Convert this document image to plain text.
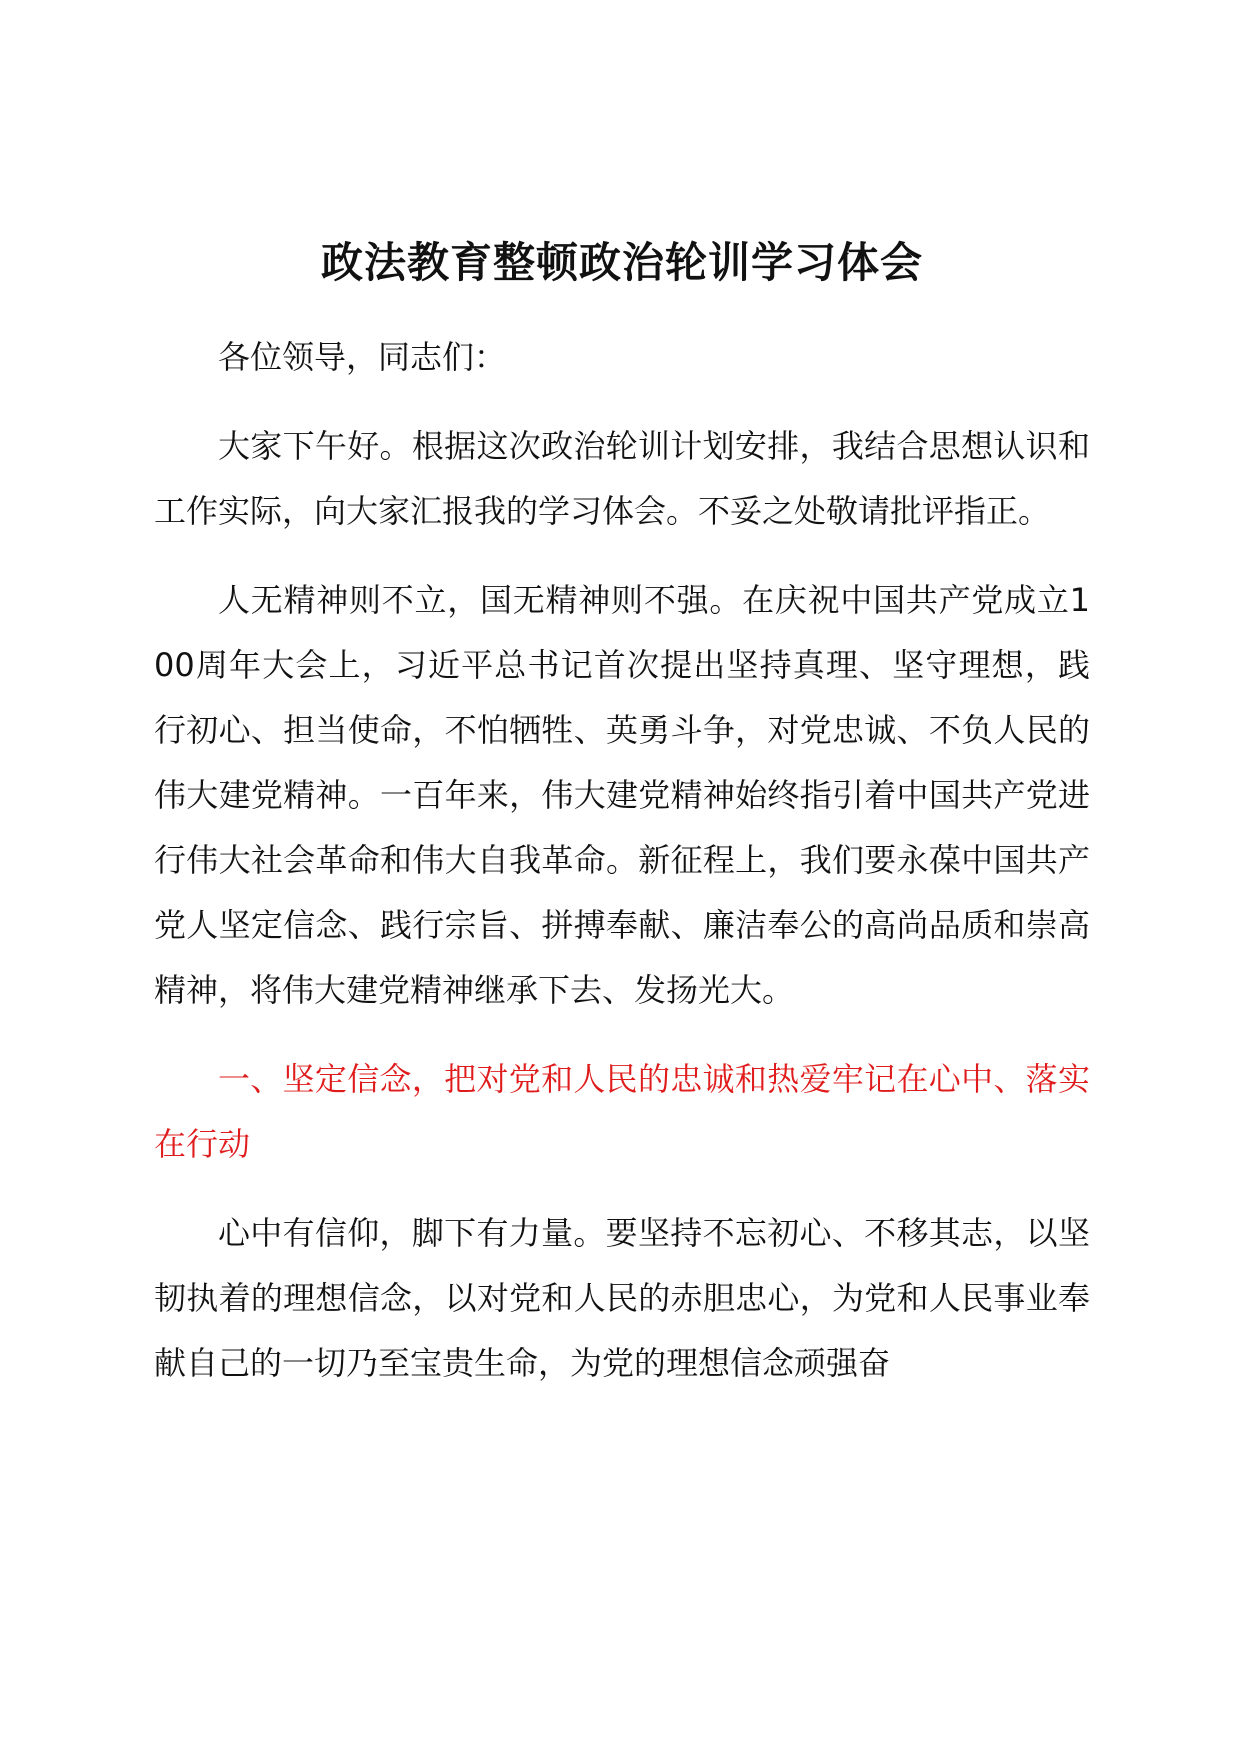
政法教育整顿政治轮训学习体会

各位领导，同志们：

大家下午好。根据这次政治轮训计划安排，我结合思想认识和工作实际，向大家汇报我的学习体会。不妥之处敬请批评指正。

人无精神则不立，国无精神则不强。在庆祝中国共产党成立100周年大会上，习近平总书记首次提出坚持真理、坚守理想，践行初心、担当使命，不怕牺牲、英勇斗争，对党忠诚、不负人民的伟大建党精神。一百年来，伟大建党精神始终指引着中国共产党进行伟大社会革命和伟大自我革命。新征程上，我们要永葆中国共产党人坚定信念、践行宗旨、拼搏奉献、廉洁奉公的高尚品质和崇高精神，将伟大建党精神继承下去、发扬光大。

一、坚定信念，把对党和人民的忠诚和热爱牢记在心中、落实在行动

心中有信仰，脚下有力量。要坚持不忘初心、不移其志，以坚韧执着的理想信念，以对党和人民的赤胆忠心，为党和人民事业奉献自己的一切乃至宝贵生命，为党的理想信念顽强奋
